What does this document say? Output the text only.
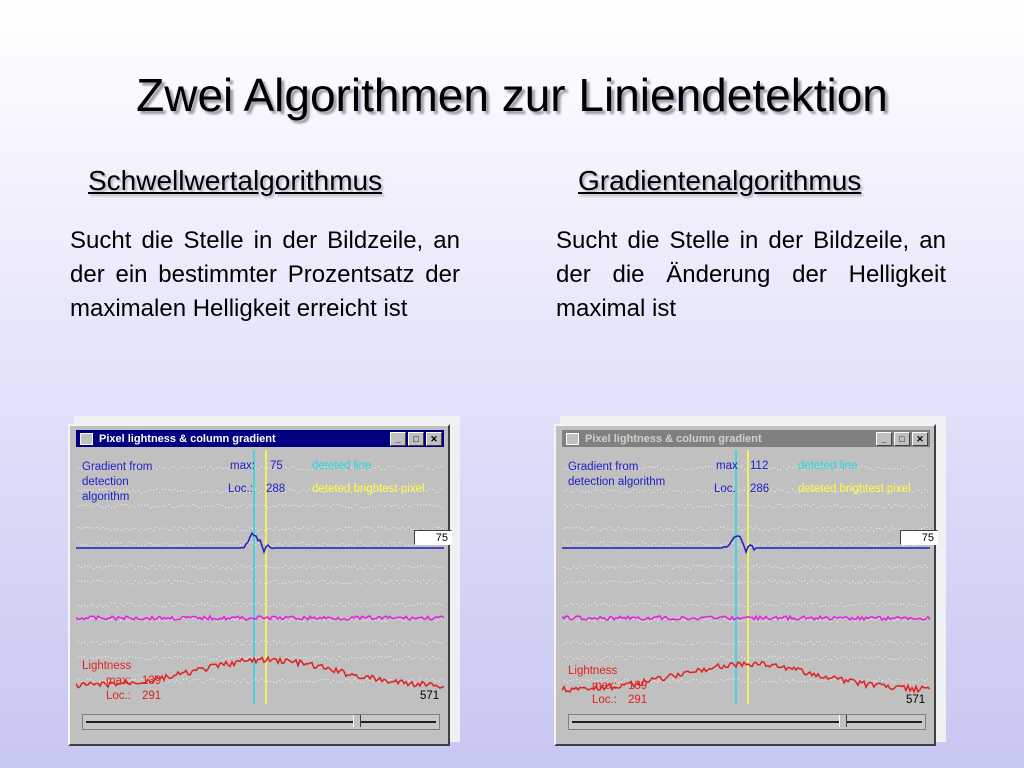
Zwei Algorithmen zur Liniendetektion
Schwellwertalgorithmus	Gradientenalgorithmus
Sucht die Stelle in der Bildzeile, an der ein bestimmter Prozentsatz der maximalen Helligkeit erreicht ist
Sucht die Stelle in der Bildzeile, an der die Änderung der Helligkeit maximal ist
Pixel lightness & column gradient	_	□	✕
Gradient from detection algorithm
max: 75
Loc.: 288
deteted line
deteted brightest pixel
75
Lightness
max: 139
Loc.: 291	571
Pixel lightness & column gradient	_	□	✕
Gradient from detection algorithm
max 112
Loc. 286
deteted line
deteted brightest pixel
75
Lightness
max: 139
Loc.: 291	571
